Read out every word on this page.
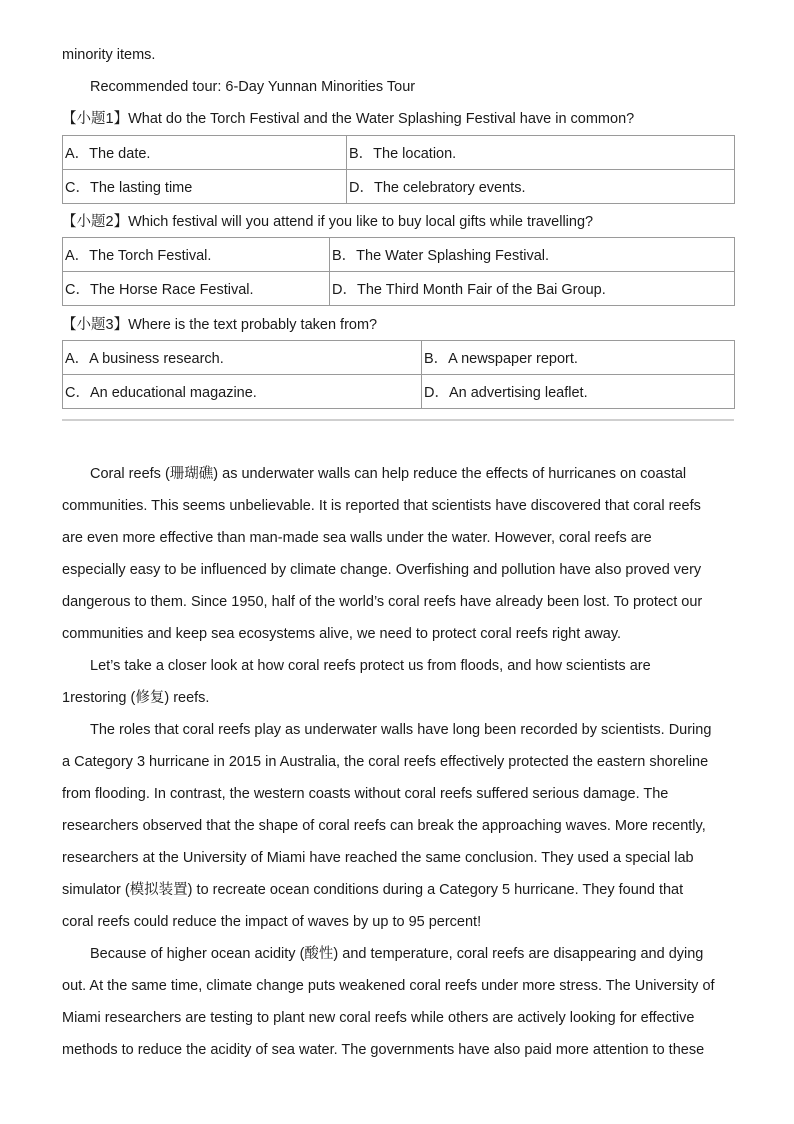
minority items.
Recommended tour: 6-Day Yunnan Minorities Tour
【小题1】What do the Torch Festival and the Water Splashing Festival have in common?
A．The date.	B．The location.
C．The lasting time	D．The celebratory events.
【小题2】Which festival will you attend if you like to buy local gifts while travelling?
A．The Torch Festival.	B．The Water Splashing Festival.
C．The Horse Race Festival.	D．The Third Month Fair of the Bai Group.
【小题3】Where is the text probably taken from?
A．A business research.	B．A newspaper report.
C．An educational magazine.	D．An advertising leaflet.
Coral reefs (珊瑚礁) as underwater walls can help reduce the effects of hurricanes on coastal
communities. This seems unbelievable. It is reported that scientists have discovered that coral reefs
are even more effective than man-made sea walls under the water. However, coral reefs are
especially easy to be influenced by climate change. Overfishing and pollution have also proved very
dangerous to them. Since 1950, half of the world’s coral reefs have already been lost. To protect our
communities and keep sea ecosystems alive, we need to protect coral reefs right away.
Let’s take a closer look at how coral reefs protect us from floods, and how scientists are
1restoring (修复) reefs.
The roles that coral reefs play as underwater walls have long been recorded by scientists. During
a Category 3 hurricane in 2015 in Australia, the coral reefs effectively protected the eastern shoreline
from flooding. In contrast, the western coasts without coral reefs suffered serious damage. The
researchers observed that the shape of coral reefs can break the approaching waves. More recently,
researchers at the University of Miami have reached the same conclusion. They used a special lab
simulator (模拟装置) to recreate ocean conditions during a Category 5 hurricane. They found that
coral reefs could reduce the impact of waves by up to 95 percent!
Because of higher ocean acidity (酸性) and temperature, coral reefs are disappearing and dying
out. At the same time, climate change puts weakened coral reefs under more stress. The University of
Miami researchers are testing to plant new coral reefs while others are actively looking for effective
methods to reduce the acidity of sea water. The governments have also paid more attention to these
